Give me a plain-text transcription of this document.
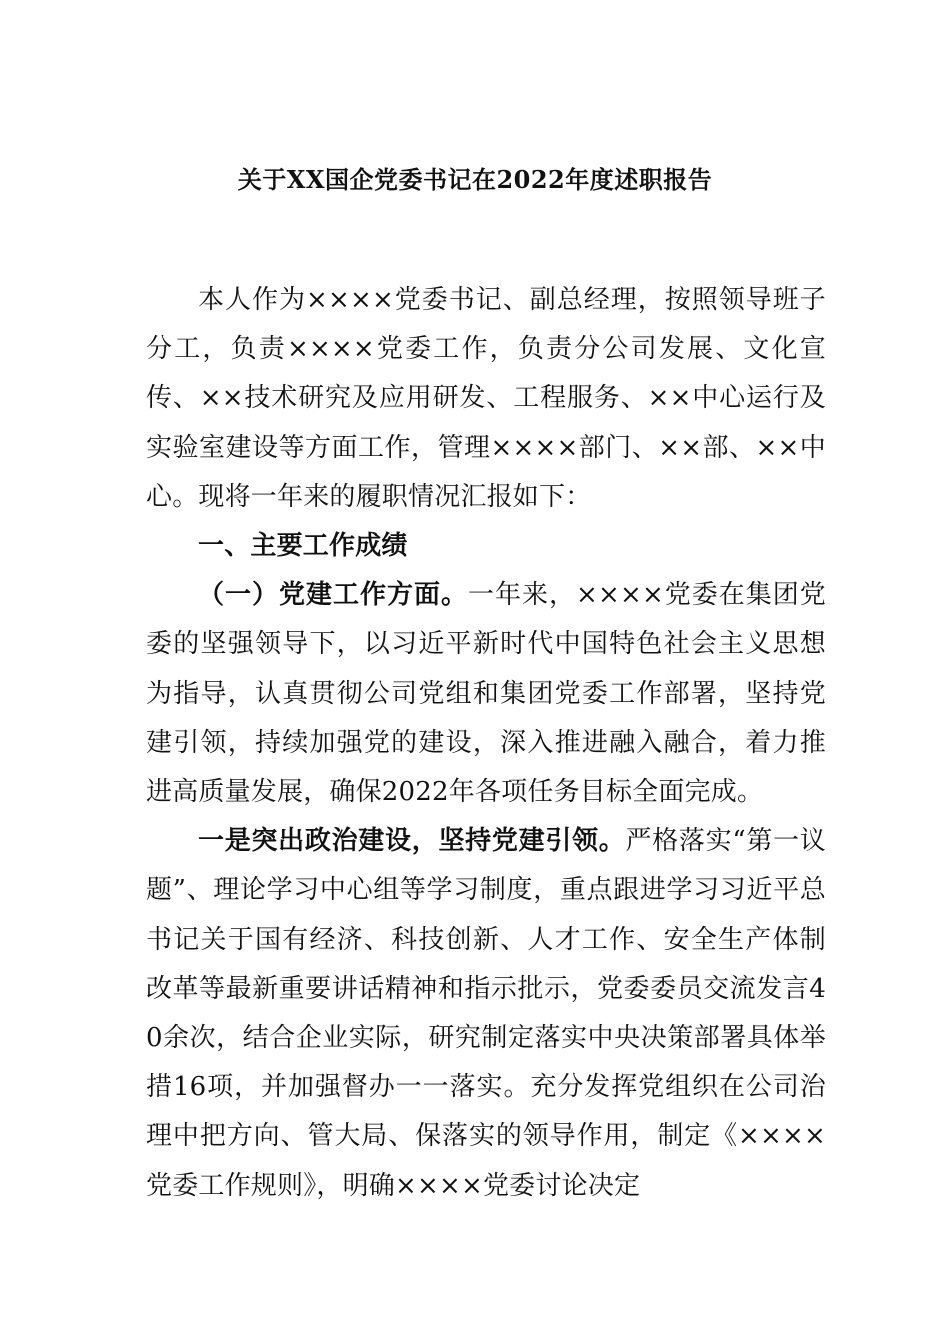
关于XX国企党委书记在2022年度述职报告

本人作为××××党委书记、副总经理，按照领导班子分工，负责××××党委工作，负责分公司发展、文化宣传、××技术研究及应用研发、工程服务、××中心运行及实验室建设等方面工作，管理××××部门、××部、××中心。现将一年来的履职情况汇报如下：

一、主要工作成绩

（一）党建工作方面。一年来，××××党委在集团党委的坚强领导下，以习近平新时代中国特色社会主义思想为指导，认真贯彻公司党组和集团党委工作部署，坚持党建引领，持续加强党的建设，深入推进融入融合，着力推进高质量发展，确保2022年各项任务目标全面完成。

一是突出政治建设，坚持党建引领。严格落实“第一议题”、理论学习中心组等学习制度，重点跟进学习习近平总书记关于国有经济、科技创新、人才工作、安全生产体制改革等最新重要讲话精神和指示批示，党委委员交流发言40余次，结合企业实际，研究制定落实中央决策部署具体举措16项，并加强督办一一落实。充分发挥党组织在公司治理中把方向、管大局、保落实的领导作用，制定《××××党委工作规则》，明确××××党委讨论决定
